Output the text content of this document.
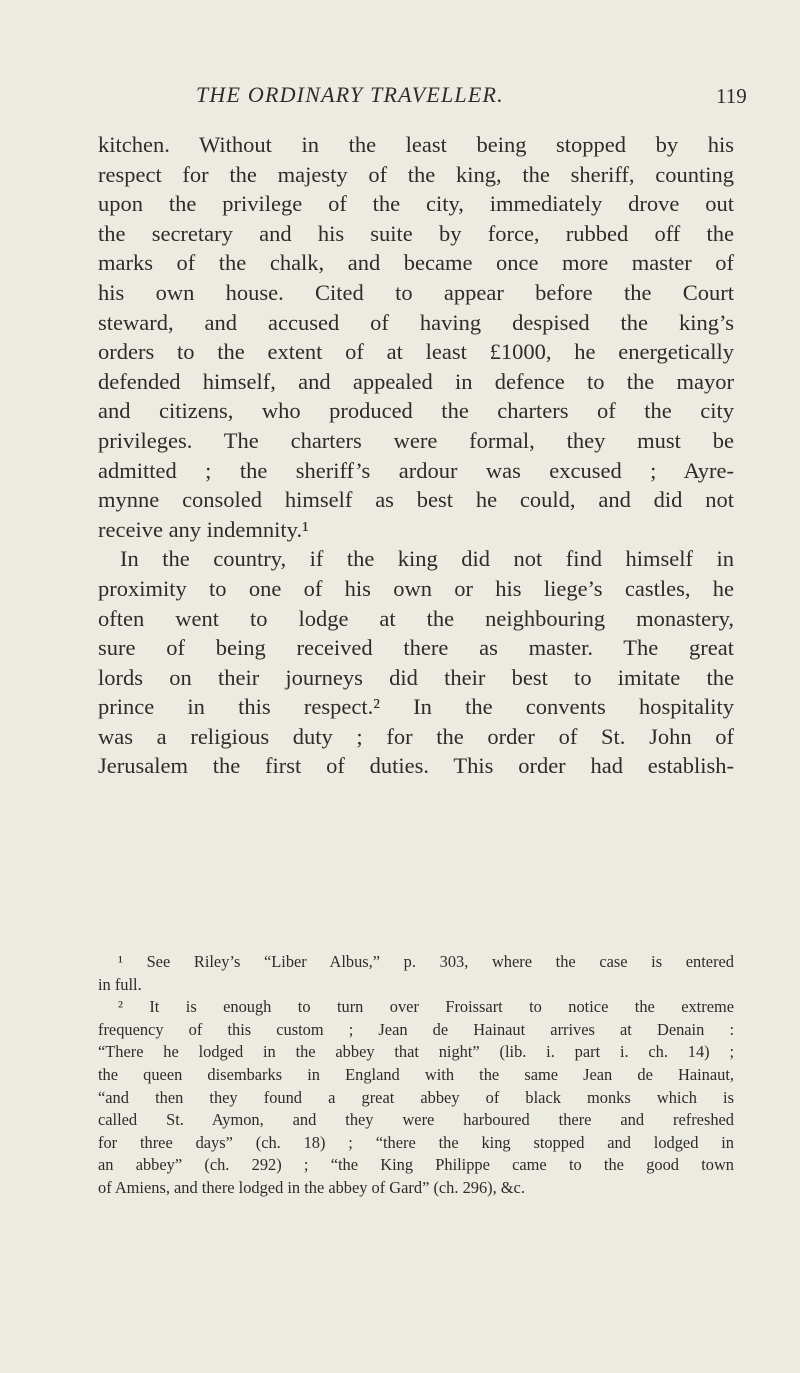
THE ORDINARY TRAVELLER.	119
kitchen. Without in the least being stopped by his
respect for the majesty of the king, the sheriff, counting
upon the privilege of the city, immediately drove out
the secretary and his suite by force, rubbed off the
marks of the chalk, and became once more master of
his own house. Cited to appear before the Court
steward, and accused of having despised the king’s
orders to the extent of at least £1000, he energetically
defended himself, and appealed in defence to the mayor
and citizens, who produced the charters of the city
privileges. The charters were formal, they must be
admitted ; the sheriff’s ardour was excused ; Ayre-
mynne consoled himself as best he could, and did not
receive any indemnity.¹
In the country, if the king did not find himself in
proximity to one of his own or his liege’s castles, he
often went to lodge at the neighbouring monastery,
sure of being received there as master. The great
lords on their journeys did their best to imitate the
prince in this respect.² In the convents hospitality
was a religious duty ; for the order of St. John of
Jerusalem the first of duties. This order had establish-
¹ See Riley’s “Liber Albus,” p. 303, where the case is entered
in full.
² It is enough to turn over Froissart to notice the extreme
frequency of this custom ; Jean de Hainaut arrives at Denain :
“There he lodged in the abbey that night” (lib. i. part i. ch. 14) ;
the queen disembarks in England with the same Jean de Hainaut,
“and then they found a great abbey of black monks which is
called St. Aymon, and they were harboured there and refreshed
for three days” (ch. 18) ; “there the king stopped and lodged in
an abbey” (ch. 292) ; “the King Philippe came to the good town
of Amiens, and there lodged in the abbey of Gard” (ch. 296), &c.
